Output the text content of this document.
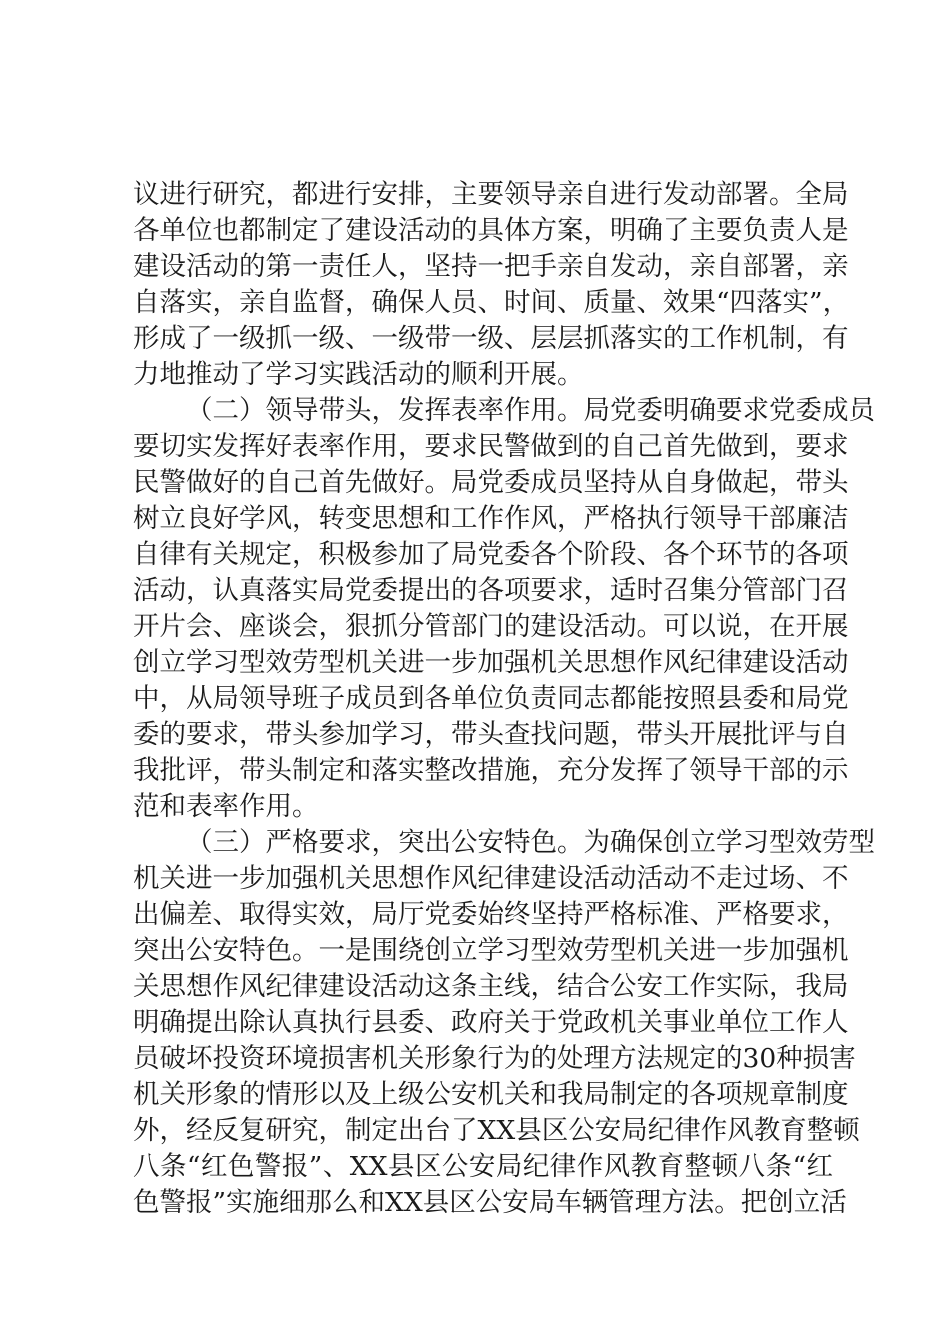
议进行研究，都进行安排，主要领导亲自进行发动部署。全局

各单位也都制定了建设活动的具体方案，明确了主要负责人是

建设活动的第一责任人，坚持一把手亲自发动，亲自部署，亲

自落实，亲自监督，确保人员、时间、质量、效果“四落实”，

形成了一级抓一级、一级带一级、层层抓落实的工作机制，有

力地推动了学习实践活动的顺利开展。

（二）领导带头，发挥表率作用。局党委明确要求党委成员

要切实发挥好表率作用，要求民警做到的自己首先做到，要求

民警做好的自己首先做好。局党委成员坚持从自身做起，带头

树立良好学风，转变思想和工作作风，严格执行领导干部廉洁

自律有关规定，积极参加了局党委各个阶段、各个环节的各项

活动，认真落实局党委提出的各项要求，适时召集分管部门召

开片会、座谈会，狠抓分管部门的建设活动。可以说，在开展

创立学习型效劳型机关进一步加强机关思想作风纪律建设活动

中，从局领导班子成员到各单位负责同志都能按照县委和局党

委的要求，带头参加学习，带头查找问题，带头开展批评与自

我批评，带头制定和落实整改措施，充分发挥了领导干部的示

范和表率作用。

（三）严格要求，突出公安特色。为确保创立学习型效劳型

机关进一步加强机关思想作风纪律建设活动活动不走过场、不

出偏差、取得实效，局厅党委始终坚持严格标准、严格要求，

突出公安特色。一是围绕创立学习型效劳型机关进一步加强机

关思想作风纪律建设活动这条主线，结合公安工作实际，我局

明确提出除认真执行县委、政府关于党政机关事业单位工作人

员破坏投资环境损害机关形象行为的处理方法规定的30种损害

机关形象的情形以及上级公安机关和我局制定的各项规章制度

外，经反复研究，制定出台了XX县区公安局纪律作风教育整顿

八条“红色警报”、XX县区公安局纪律作风教育整顿八条“红

色警报”实施细那么和XX县区公安局车辆管理方法。把创立活
